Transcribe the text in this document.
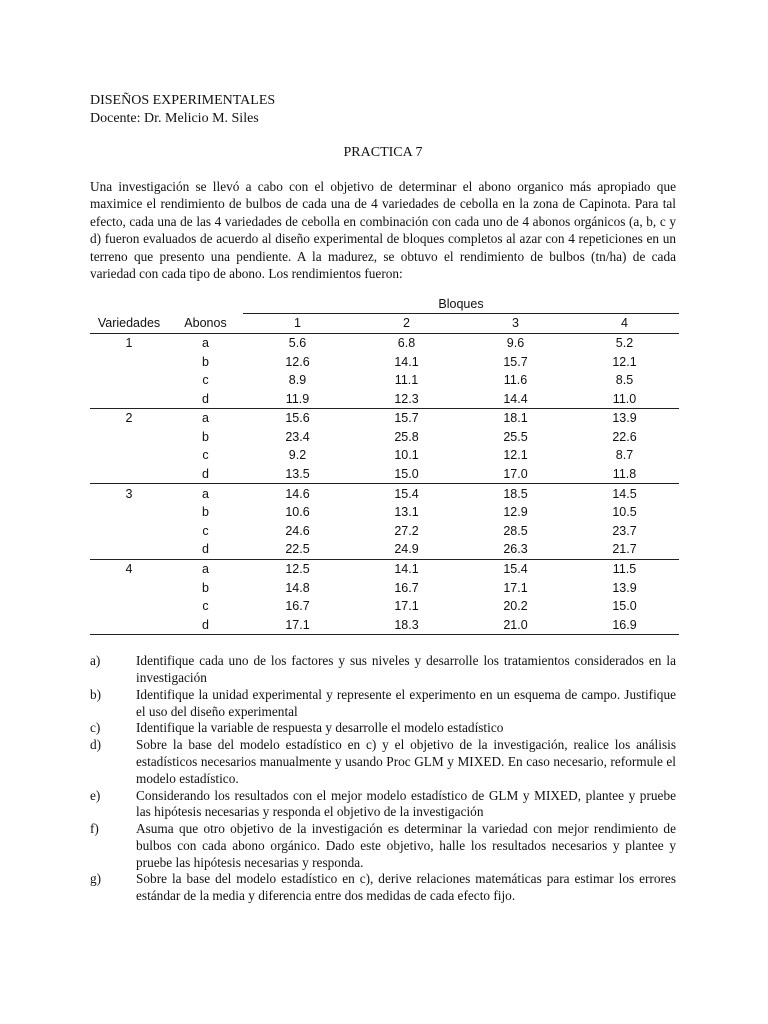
DISEÑOS EXPERIMENTALES
Docente: Dr. Melicio M. Siles
PRACTICA 7
Una investigación se llevó a cabo con el objetivo de determinar el abono organico más apropiado que maximice el rendimiento de bulbos de cada una de 4 variedades de cebolla en la zona de Capinota. Para tal efecto, cada una de las 4 variedades de cebolla en combinación con cada uno de 4 abonos orgánicos (a, b, c y d) fueron evaluados de acuerdo al diseño experimental de bloques completos al azar con 4 repeticiones en un terreno que presento una pendiente. A la madurez, se obtuvo el rendimiento de bulbos (tn/ha) de cada variedad con cada tipo de abono. Los rendimientos fueron:
			Bloques		
Variedades	Abonos	1	2	3	4
1	a	5.6	6.8	9.6	5.2
	b	12.6	14.1	15.7	12.1
	c	8.9	11.1	11.6	8.5
	d	11.9	12.3	14.4	11.0
2	a	15.6	15.7	18.1	13.9
	b	23.4	25.8	25.5	22.6
	c	9.2	10.1	12.1	8.7
	d	13.5	15.0	17.0	11.8
3	a	14.6	15.4	18.5	14.5
	b	10.6	13.1	12.9	10.5
	c	24.6	27.2	28.5	23.7
	d	22.5	24.9	26.3	21.7
4	a	12.5	14.1	15.4	11.5
	b	14.8	16.7	17.1	13.9
	c	16.7	17.1	20.2	15.0
	d	17.1	18.3	21.0	16.9
a)	Identifique cada uno de los factores y sus niveles y desarrolle los tratamientos considerados en la investigación
b)	Identifique la unidad experimental y represente el experimento en un esquema de campo. Justifique el uso del diseño experimental
c)	Identifique la variable de respuesta y desarrolle el modelo estadístico
d)	Sobre la base del modelo estadístico en c) y el objetivo de la investigación, realice los análisis estadísticos necesarios manualmente y usando Proc GLM y MIXED. En caso necesario, reformule el modelo estadístico.
e)	Considerando los resultados con el mejor modelo estadístico de GLM y MIXED, plantee y pruebe las hipótesis necesarias y responda el objetivo de la investigación
f)	Asuma que otro objetivo de la investigación es determinar la variedad con mejor rendimiento de bulbos con cada abono orgánico. Dado este objetivo, halle los resultados necesarios y plantee y pruebe las hipótesis necesarias y responda.
g)	Sobre la base del modelo estadístico en c), derive relaciones matemáticas para estimar los errores estándar de la media y diferencia entre dos medidas de cada efecto fijo.
